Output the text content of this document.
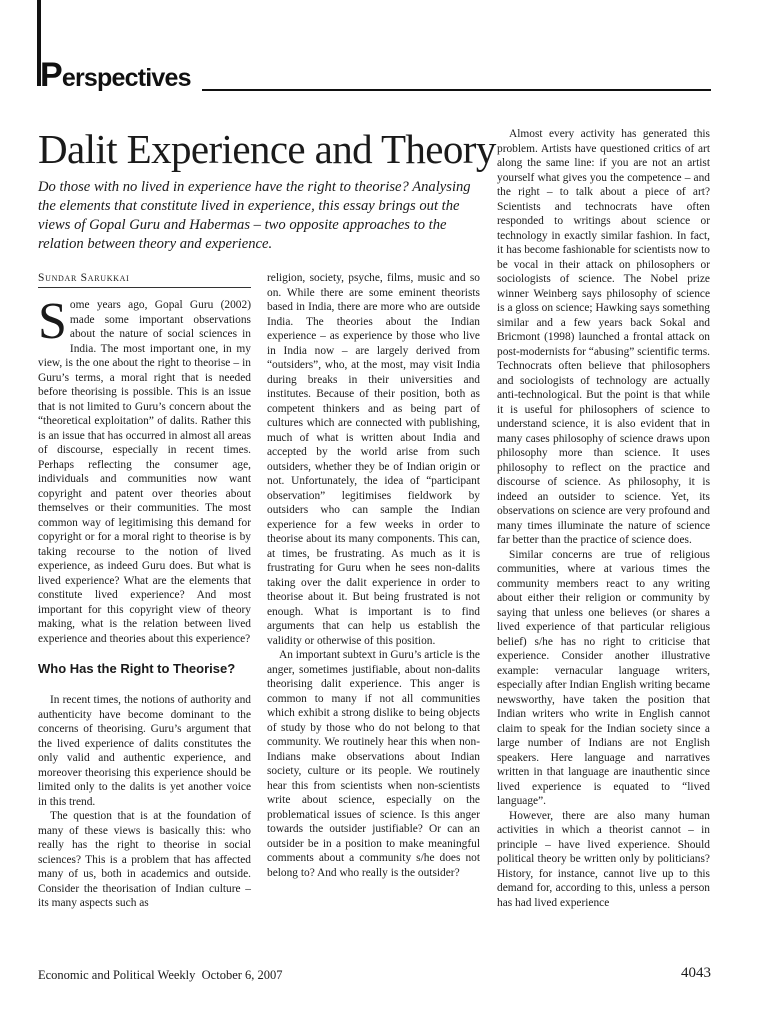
Perspectives
Dalit Experience and Theory

Do those with no lived in experience have the right to theorise? Analysing the elements that constitute lived in experience, this essay brings out the views of Gopal Guru and Habermas – two opposite approaches to the relation between theory and experience.

Sundar Sarukkai

Some years ago, Gopal Guru (2002) made some important observations about the nature of social sciences in India. The most important one, in my view, is the one about the right to theorise – in Guru’s terms, a moral right that is needed before theorising is possible. This is an issue that is not limited to Guru’s concern about the “theoretical exploitation” of dalits. Rather this is an issue that has occurred in almost all areas of discourse, especially in recent times. Perhaps reflecting the consumer age, individuals and communities now want copyright and patent over theories about themselves or their communities. The most common way of legitimising this demand for copyright or for a moral right to theorise is by taking recourse to the notion of lived experience, as indeed Guru does. But what is lived experience? What are the elements that constitute lived experience? And most important for this copyright view of theory making, what is the relation between lived experience and theories about this experience?

Who Has the Right to Theorise?

In recent times, the notions of authority and authenticity have become dominant to the concerns of theorising. Guru’s argument that the lived experience of dalits constitutes the only valid and authentic experience, and moreover theorising this experience should be limited only to the dalits is yet another voice in this trend.

The question that is at the foundation of many of these views is basically this: who really has the right to theorise in social sciences? This is a problem that has affected many of us, both in academics and outside. Consider the theorisation of Indian culture – its many aspects such as

religion, society, psyche, films, music and so on. While there are some eminent theorists based in India, there are more who are outside India. The theories about the Indian experience – as experience by those who live in India now – are largely derived from “outsiders”, who, at the most, may visit India during breaks in their universities and institutes. Because of their position, both as competent thinkers and as being part of cultures which are connected with publishing, much of what is written about India and accepted by the world arise from such outsiders, whether they be of Indian origin or not. Unfortunately, the idea of “participant observation” legitimises fieldwork by outsiders who can sample the Indian experience for a few weeks in order to theorise about its many components. This can, at times, be frustrating. As much as it is frustrating for Guru when he sees non-dalits taking over the dalit experience in order to theorise about it. But being frustrated is not enough. What is important is to find arguments that can help us establish the validity or otherwise of this position.

An important subtext in Guru’s article is the anger, sometimes justifiable, about non-dalits theorising dalit experience. This anger is common to many if not all communities which exhibit a strong dislike to being objects of study by those who do not belong to that community. We routinely hear this when non-Indians make observations about Indian society, culture or its people. We routinely hear this from scientists when non-scientists write about science, especially on the problematical issues of science. Is this anger towards the outsider justifiable? Or can an outsider be in a position to make meaningful comments about a community s/he does not belong to? And who really is the outsider?

Almost every activity has generated this problem. Artists have questioned critics of art along the same line: if you are not an artist yourself what gives you the competence – and the right – to talk about a piece of art? Scientists and technocrats have often responded to writings about science or technology in exactly similar fashion. In fact, it has become fashionable for scientists now to be vocal in their attack on philosophers or sociologists of science. The Nobel prize winner Weinberg says philosophy of science is a gloss on science; Hawking says something similar and a few years back Sokal and Bricmont (1998) launched a frontal attack on post-modernists for “abusing” scientific terms. Technocrats often believe that philosophers and sociologists of technology are actually anti-technological. But the point is that while it is useful for philosophers of science to understand science, it is also evident that in many cases philosophy of science draws upon philosophy more than science. It uses philosophy to reflect on the practice and discourse of science. As philosophy, it is indeed an outsider to science. Yet, its observations on science are very profound and many times illuminate the nature of science far better than the practice of science does.

Similar concerns are true of religious communities, where at various times the community members react to any writing about either their religion or community by saying that unless one believes (or shares a lived experience of that particular religious belief) s/he has no right to criticise that experience. Consider another illustrative example: vernacular language writers, especially after Indian English writing became newsworthy, have taken the position that Indian writers who write in English cannot claim to speak for the Indian society since a large number of Indians are not English speakers. Here language and narratives written in that language are inauthentic since lived experience is equated to “lived language”.

However, there are also many human activities in which a theorist cannot – in principle – have lived experience. Should political theory be written only by politicians? History, for instance, cannot live up to this demand for, according to this, unless a person has had lived experience

Economic and Political Weekly October 6, 2007	4043
